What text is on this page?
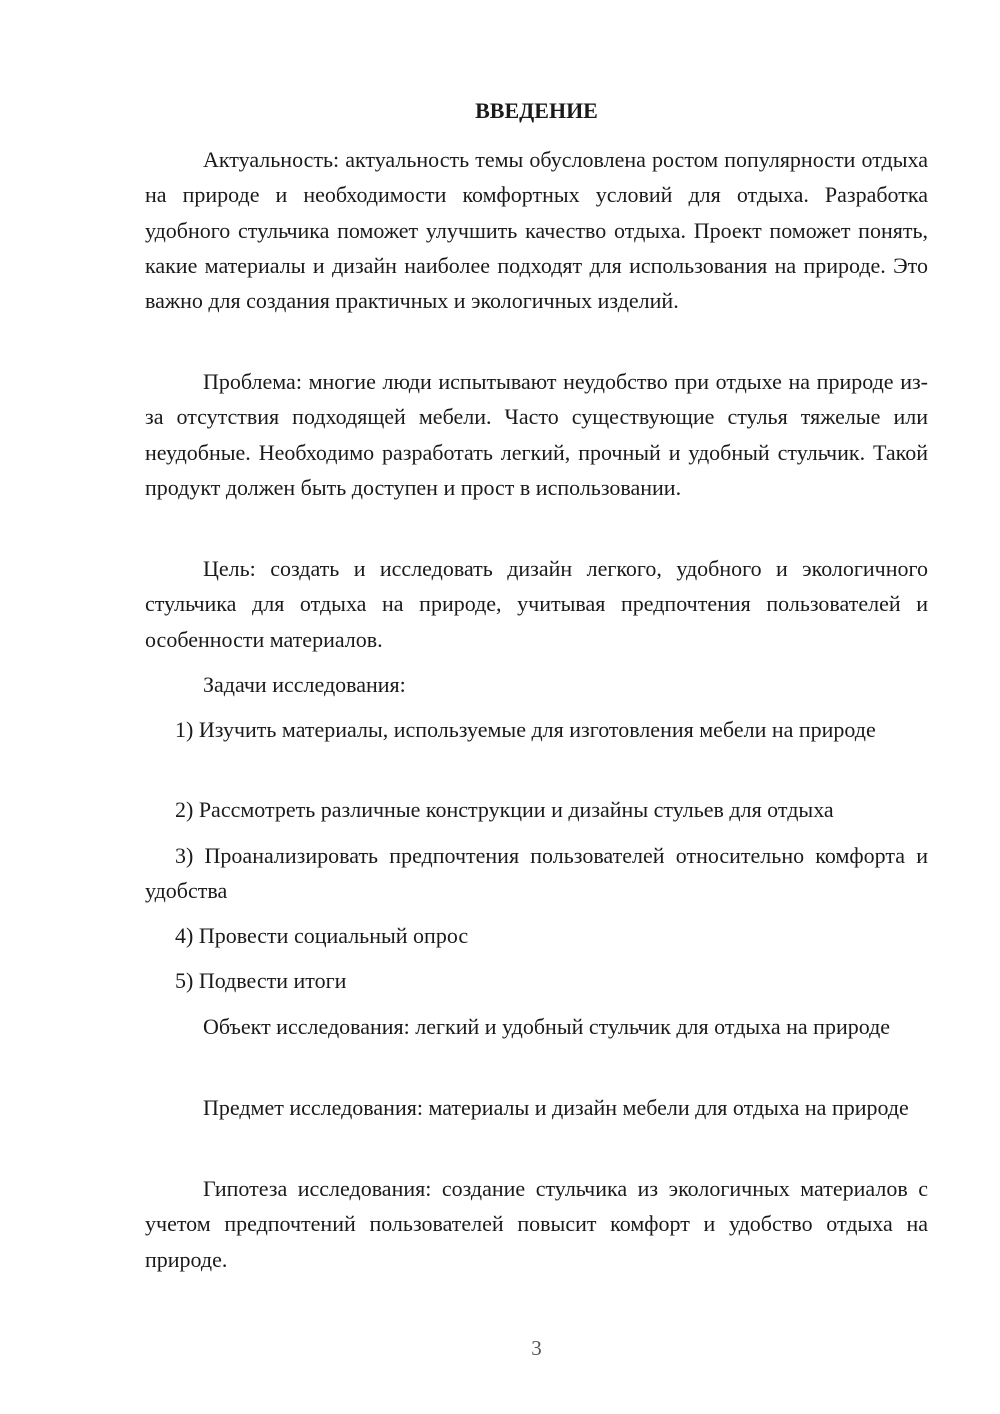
ВВЕДЕНИЕ

Актуальность: актуальность темы обусловлена ростом популярности отдыха на природе и необходимости комфортных условий для отдыха. Разработка удобного стульчика поможет улучшить качество отдыха. Проект поможет понять, какие материалы и дизайн наиболее подходят для использования на природе. Это важно для создания практичных и экологичных изделий.

Проблема: многие люди испытывают неудобство при отдыхе на природе из-за отсутствия подходящей мебели. Часто существующие стулья тяжелые или неудобные. Необходимо разработать легкий, прочный и удобный стульчик. Такой продукт должен быть доступен и прост в использовании.

Цель: создать и исследовать дизайн легкого, удобного и экологичного стульчика для отдыха на природе, учитывая предпочтения пользователей и особенности материалов.

Задачи исследования:

1) Изучить материалы, используемые для изготовления мебели на природе

2) Рассмотреть различные конструкции и дизайны стульев для отдыха

3) Проанализировать предпочтения пользователей относительно комфорта и удобства

4) Провести социальный опрос

5) Подвести итоги

Объект исследования: легкий и удобный стульчик для отдыха на природе

Предмет исследования: материалы и дизайн мебели для отдыха на природе

Гипотеза исследования: создание стульчика из экологичных материалов с учетом предпочтений пользователей повысит комфорт и удобство отдыха на природе.

3
